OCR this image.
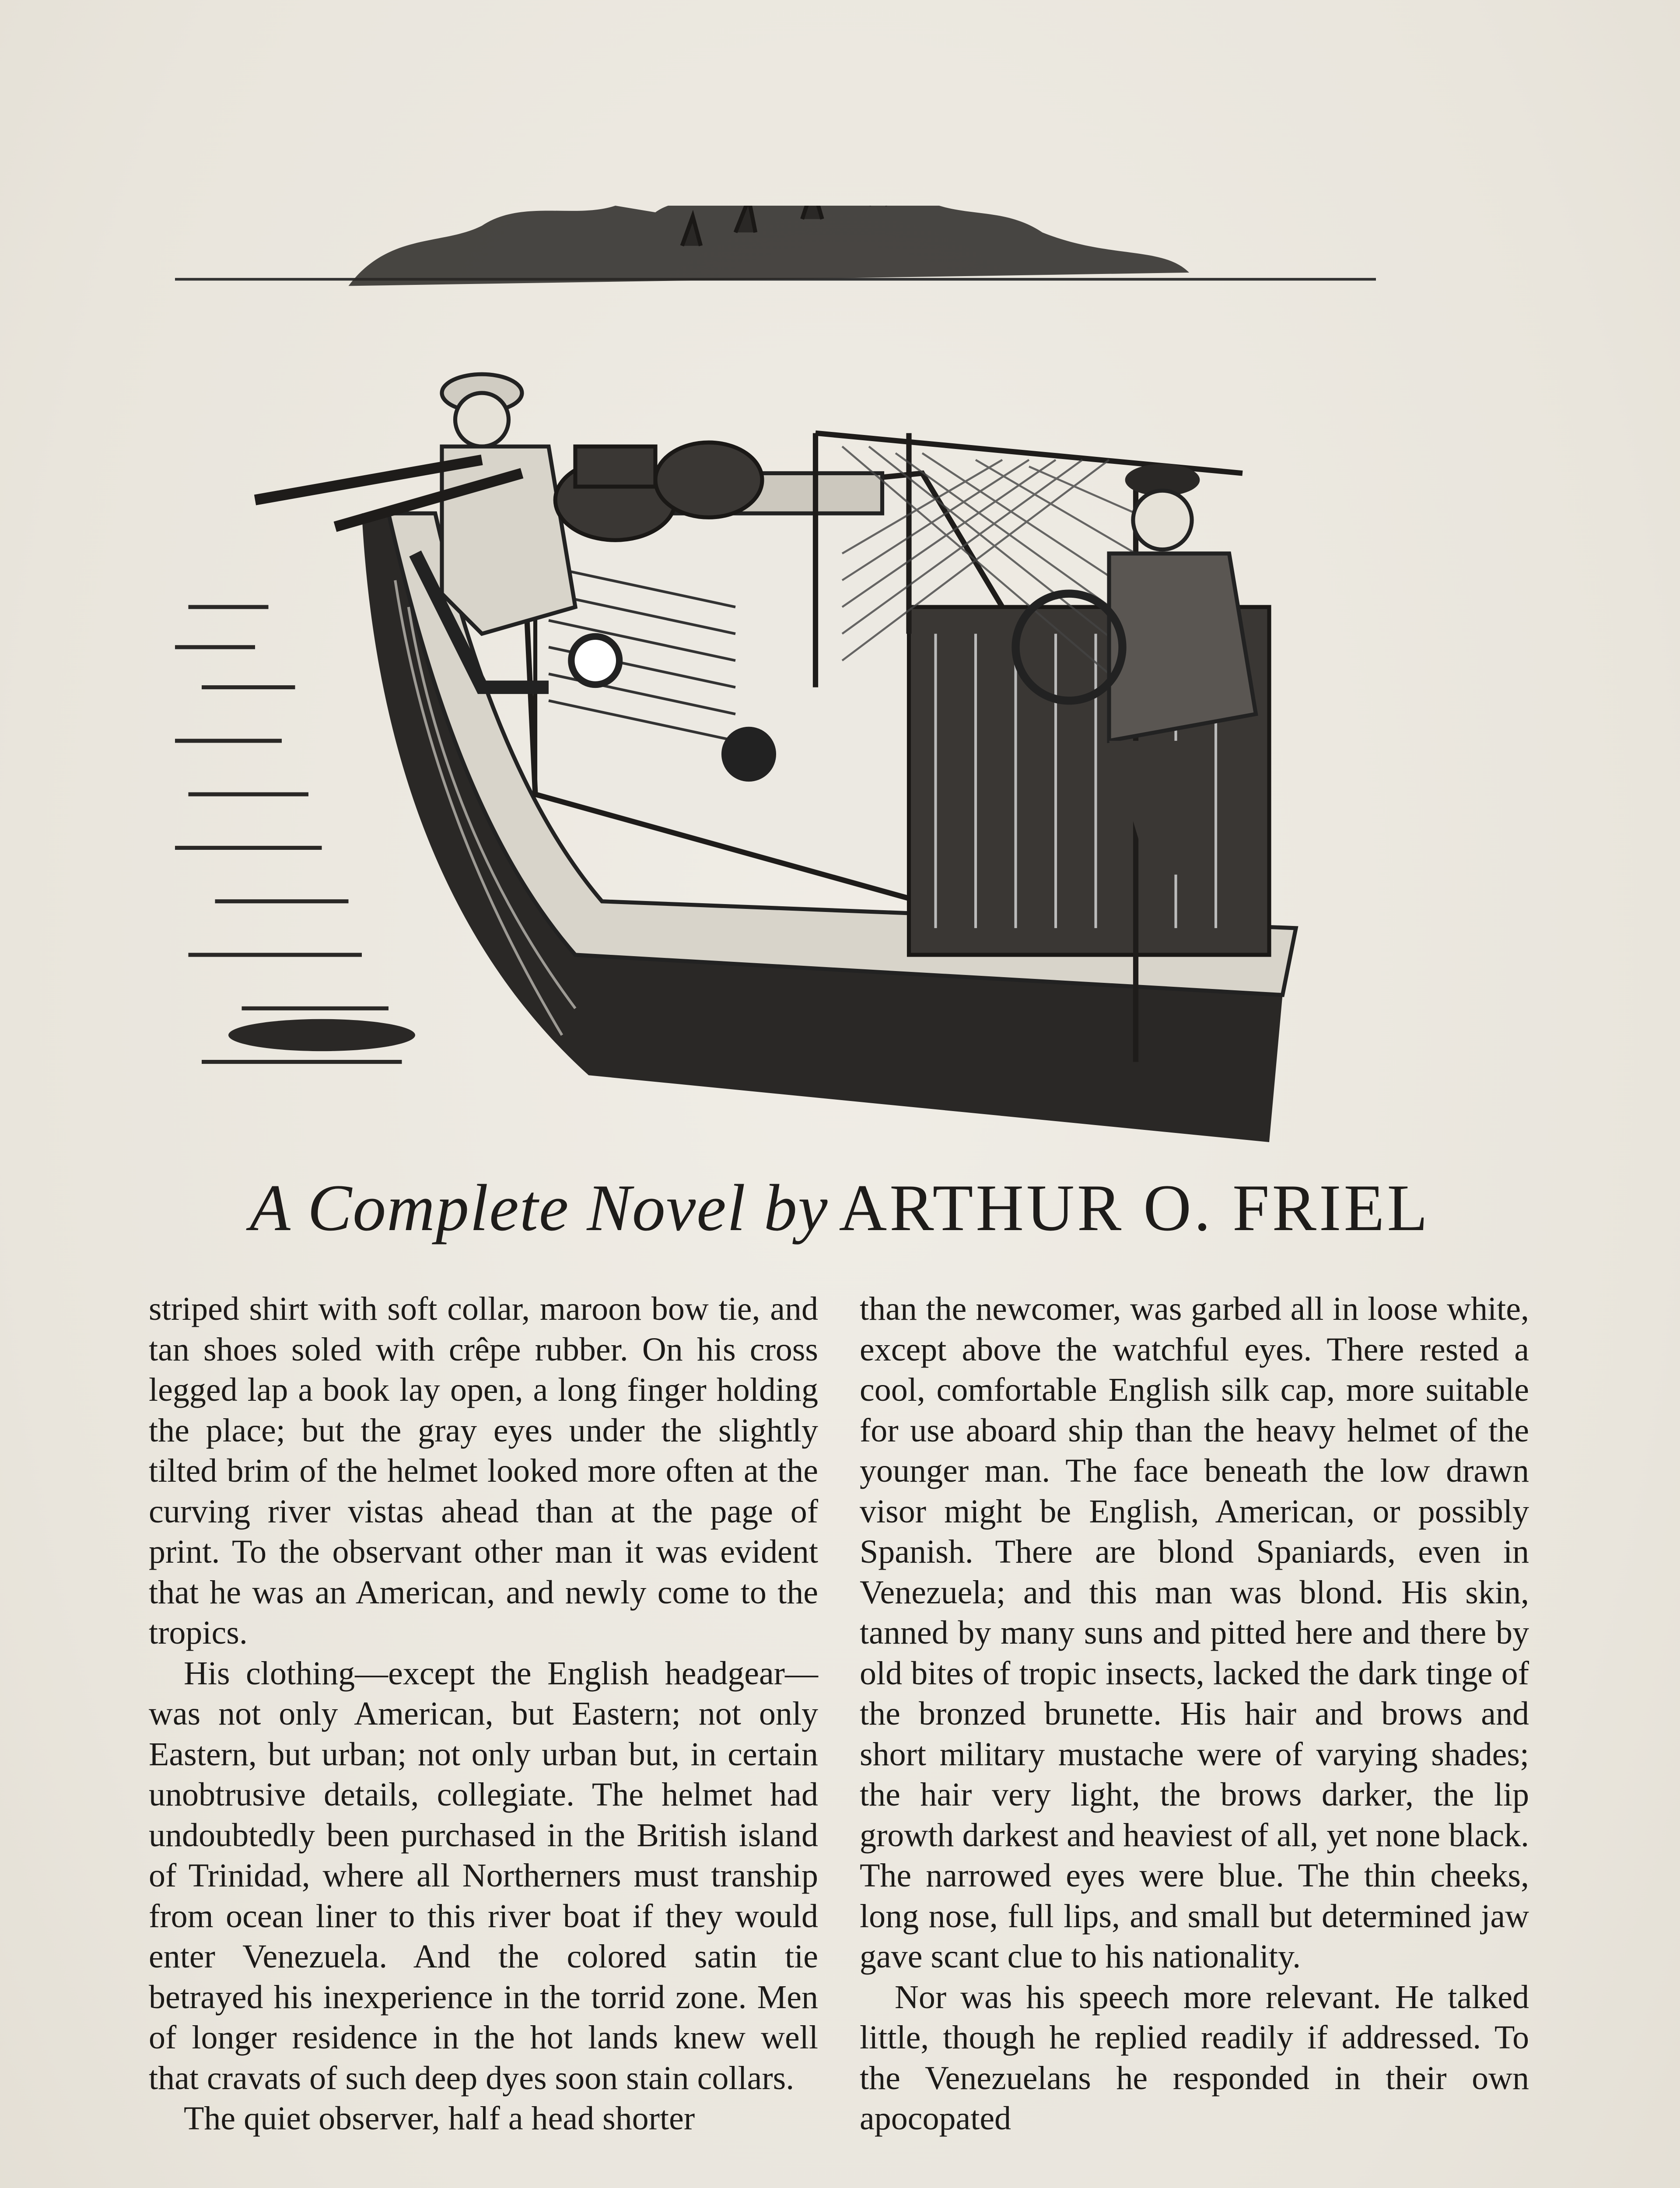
A Complete Novel by ARTHUR O. FRIEL

striped shirt with soft collar, maroon bow tie, and tan shoes soled with crêpe rubber. On his cross legged lap a book lay open, a long finger holding the place; but the gray eyes under the slightly tilted brim of the helmet looked more often at the curving river vistas ahead than at the page of print. To the observant other man it was evident that he was an American, and newly come to the tropics.

His clothing—except the English headgear—was not only American, but Eastern; not only Eastern, but urban; not only urban but, in certain unobtrusive details, collegiate. The helmet had undoubtedly been purchased in the British island of Trinidad, where all Northerners must tranship from ocean liner to this river boat if they would enter Venezuela. And the colored satin tie betrayed his inexperience in the torrid zone. Men of longer residence in the hot lands knew well that cravats of such deep dyes soon stain collars.

The quiet observer, half a head shorter

than the newcomer, was garbed all in loose white, except above the watchful eyes. There rested a cool, comfortable English silk cap, more suitable for use aboard ship than the heavy helmet of the younger man. The face beneath the low drawn visor might be English, American, or possibly Spanish. There are blond Spaniards, even in Venezuela; and this man was blond. His skin, tanned by many suns and pitted here and there by old bites of tropic insects, lacked the dark tinge of the bronzed brunette. His hair and brows and short military mustache were of varying shades; the hair very light, the brows darker, the lip growth darkest and heaviest of all, yet none black. The narrowed eyes were blue. The thin cheeks, long nose, full lips, and small but determined jaw gave scant clue to his nationality.

Nor was his speech more relevant. He talked little, though he replied readily if addressed. To the Venezuelans he responded in their own apocopated
